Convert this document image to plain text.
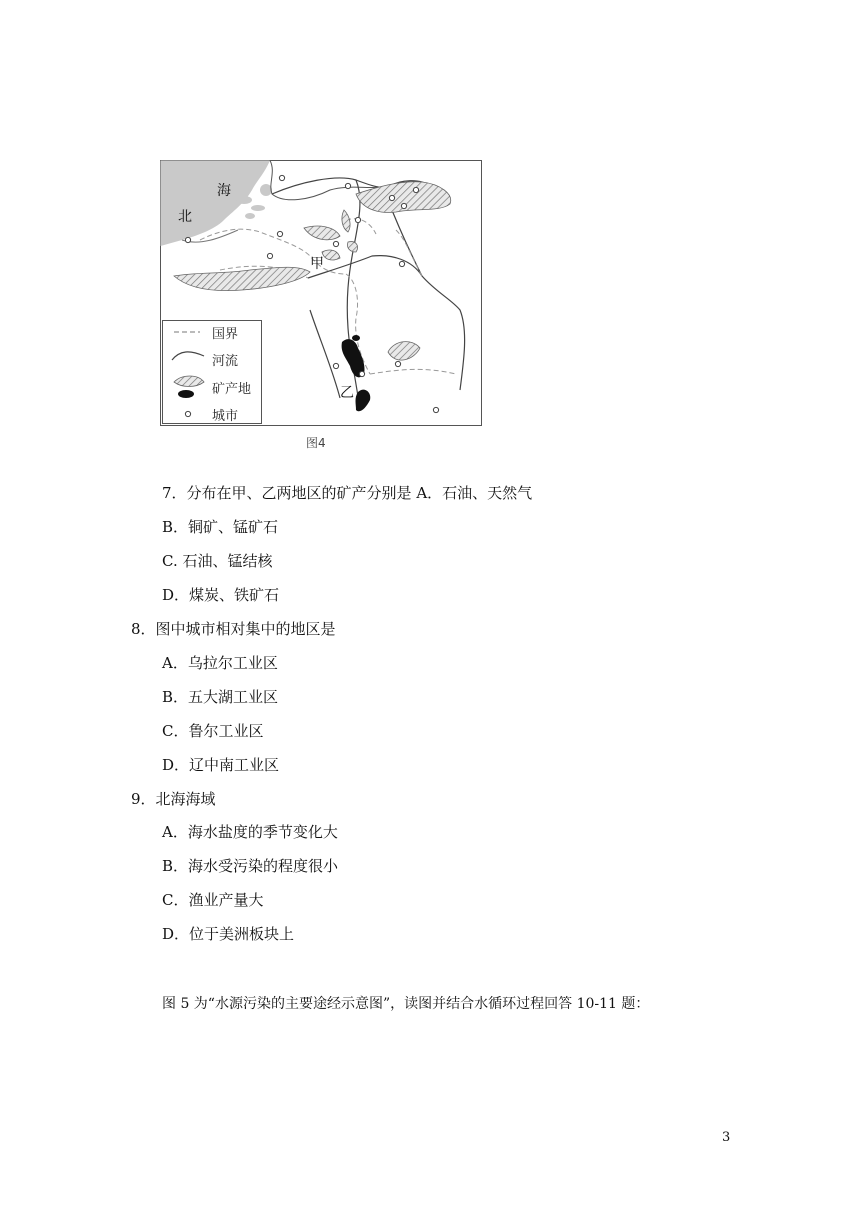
北
海
甲
乙
国界
河流
矿产地
城市
图4
7．分布在甲、乙两地区的矿产分别是 A．石油、天然气
B．铜矿、锰矿石
C. 石油、锰结核
D．煤炭、铁矿石
8．图中城市相对集中的地区是
A．乌拉尔工业区
B．五大湖工业区
C．鲁尔工业区
D．辽中南工业区
9．北海海域
A．海水盐度的季节变化大
B．海水受污染的程度很小
C．渔业产量大
D．位于美洲板块上
图 5 为“水源污染的主要途经示意图”，读图并结合水循环过程回答 10-11 题：
3
